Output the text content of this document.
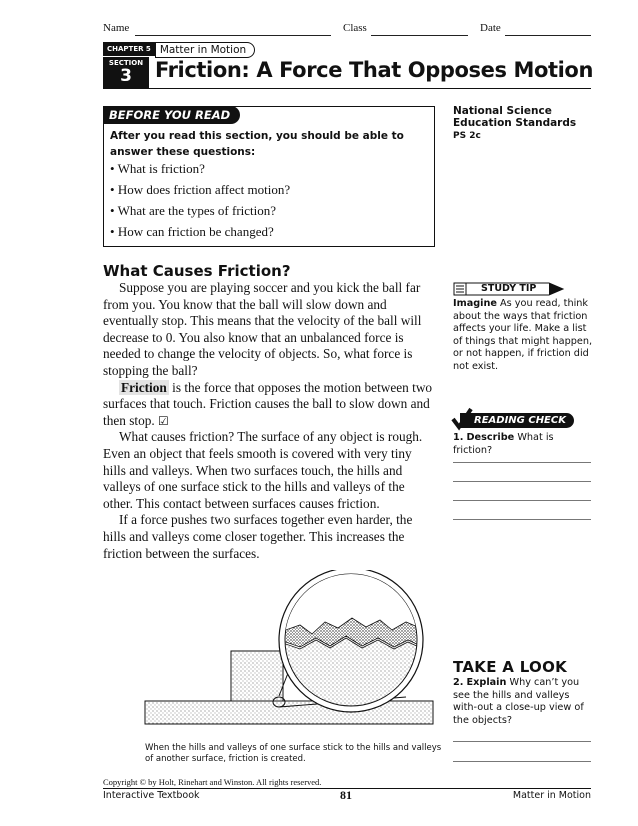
Name	Class	Date
CHAPTER 5 Matter in Motion
SECTION
3	Friction: A Force That Opposes Motion
BEFORE YOU READ
After you read this section, you should be able to answer these questions:
• What is friction?
• How does friction affect motion?
• What are the types of friction?
• How can friction be changed?
National Science Education Standards
PS 2c
What Causes Friction?

Suppose you are playing soccer and you kick the ball far from you. You know that the ball will slow down and eventually stop. This means that the velocity of the ball will decrease to 0. You also know that an unbalanced force is needed to change the velocity of objects. So, what force is stopping the ball?

Friction is the force that opposes the motion between two surfaces that touch. Friction causes the ball to slow down and then stop. ☑

What causes friction? The surface of any object is rough. Even an object that feels smooth is covered with very tiny hills and valleys. When two surfaces touch, the hills and valleys of one surface stick to the hills and valleys of the other. This contact between surfaces causes friction.

If a force pushes two surfaces together even harder, the hills and valleys come closer together. This increases the friction between the surfaces.

STUDY TIP
Imagine As you read, think about the ways that friction affects your life. Make a list of things that might happen, or not happen, if friction did not exist.
READING CHECK
1. Describe What is friction?
When the hills and valleys of one surface stick to the hills and valleys of another surface, friction is created.
TAKE A LOOK
2. Explain Why can’t you see the hills and valleys with-out a close-up view of the objects?
Copyright © by Holt, Rinehart and Winston. All rights reserved.
Interactive Textbook	81	Matter in Motion
